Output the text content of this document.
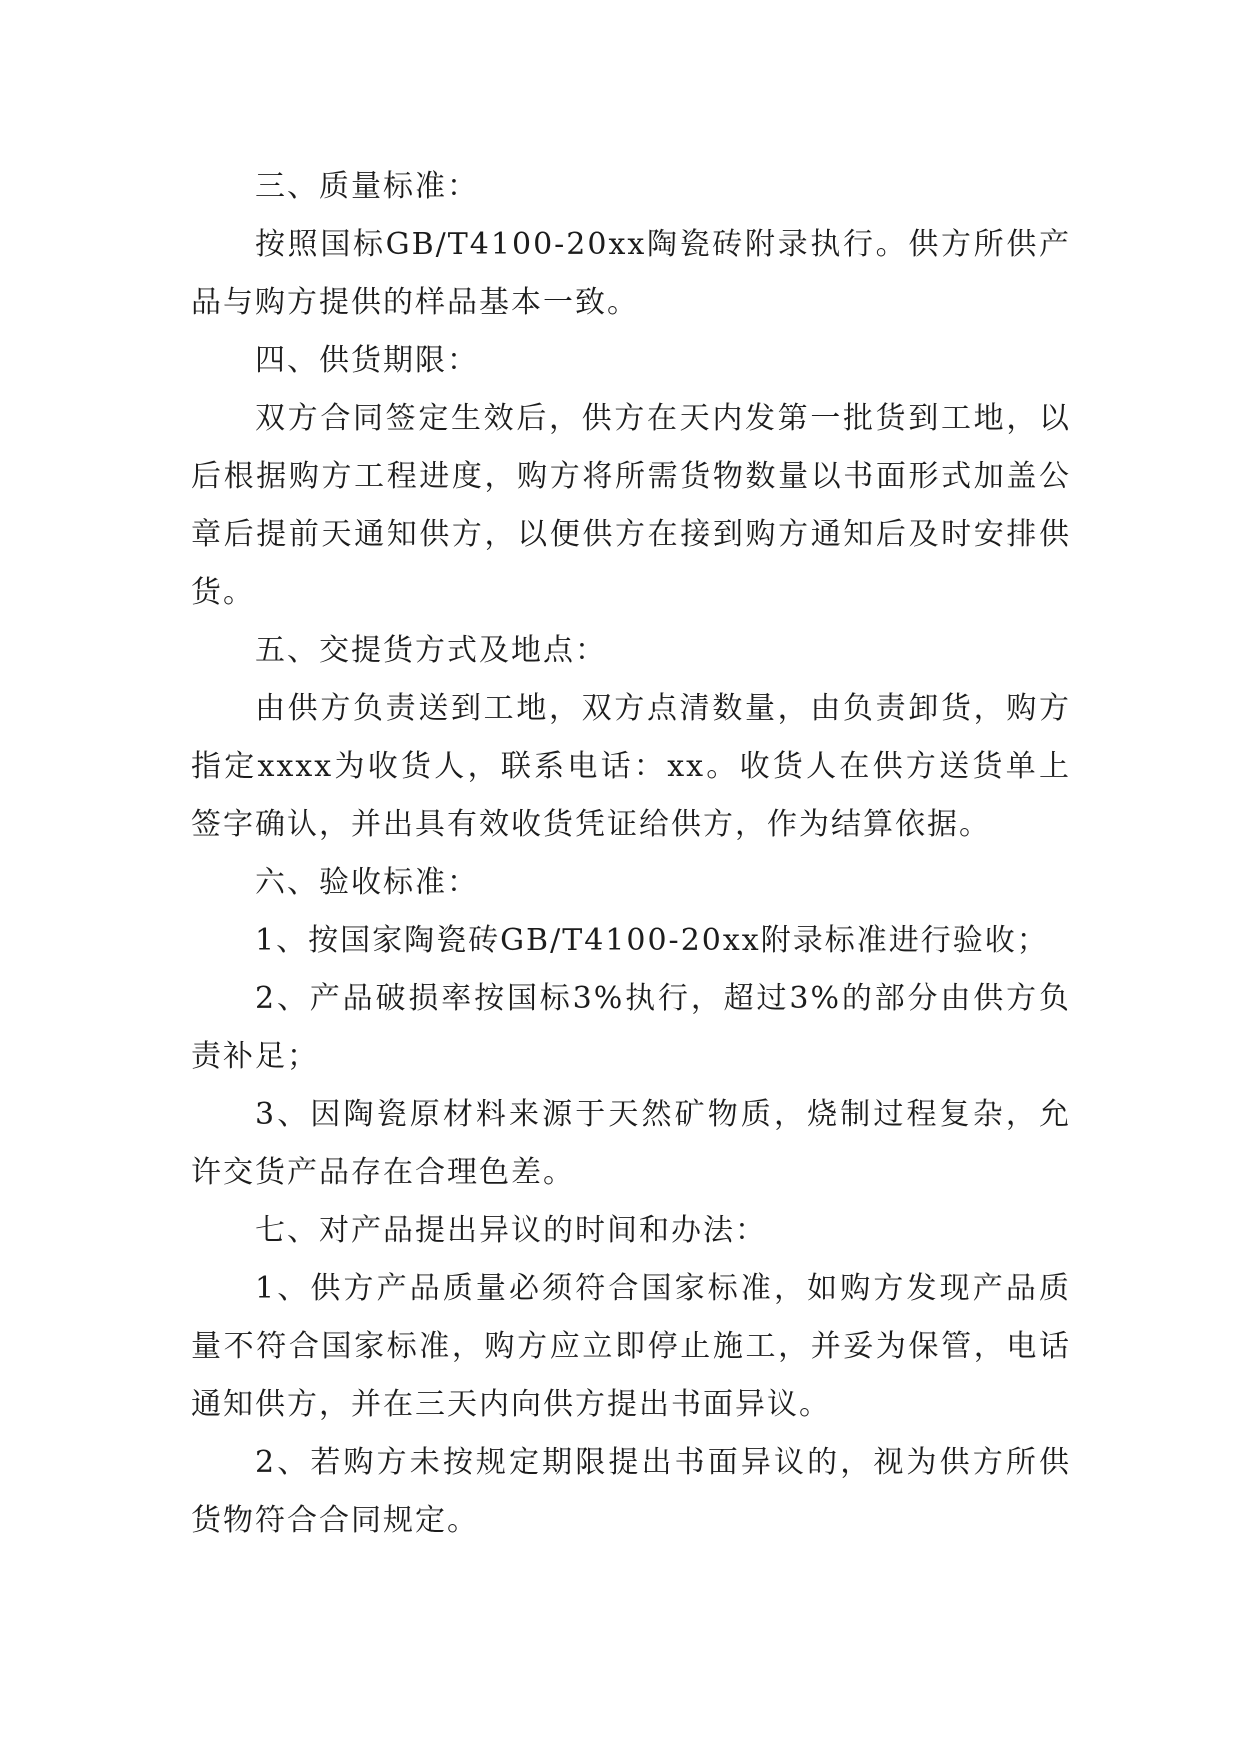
三、质量标准：

按照国标GB/T4100-20xx陶瓷砖附录执行。供方所供产品与购方提供的样品基本一致。

四、供货期限：

双方合同签定生效后，供方在天内发第一批货到工地，以后根据购方工程进度，购方将所需货物数量以书面形式加盖公章后提前天通知供方，以便供方在接到购方通知后及时安排供货。

五、交提货方式及地点：

由供方负责送到工地，双方点清数量，由负责卸货，购方指定xxxx为收货人，联系电话：xx。收货人在供方送货单上签字确认，并出具有效收货凭证给供方，作为结算依据。

六、验收标准：

1、按国家陶瓷砖GB/T4100-20xx附录标准进行验收；

2、产品破损率按国标3%执行，超过3%的部分由供方负责补足；

3、因陶瓷原材料来源于天然矿物质，烧制过程复杂，允许交货产品存在合理色差。

七、对产品提出异议的时间和办法：

1、供方产品质量必须符合国家标准，如购方发现产品质量不符合国家标准，购方应立即停止施工，并妥为保管，电话通知供方，并在三天内向供方提出书面异议。

2、若购方未按规定期限提出书面异议的，视为供方所供货物符合合同规定。
